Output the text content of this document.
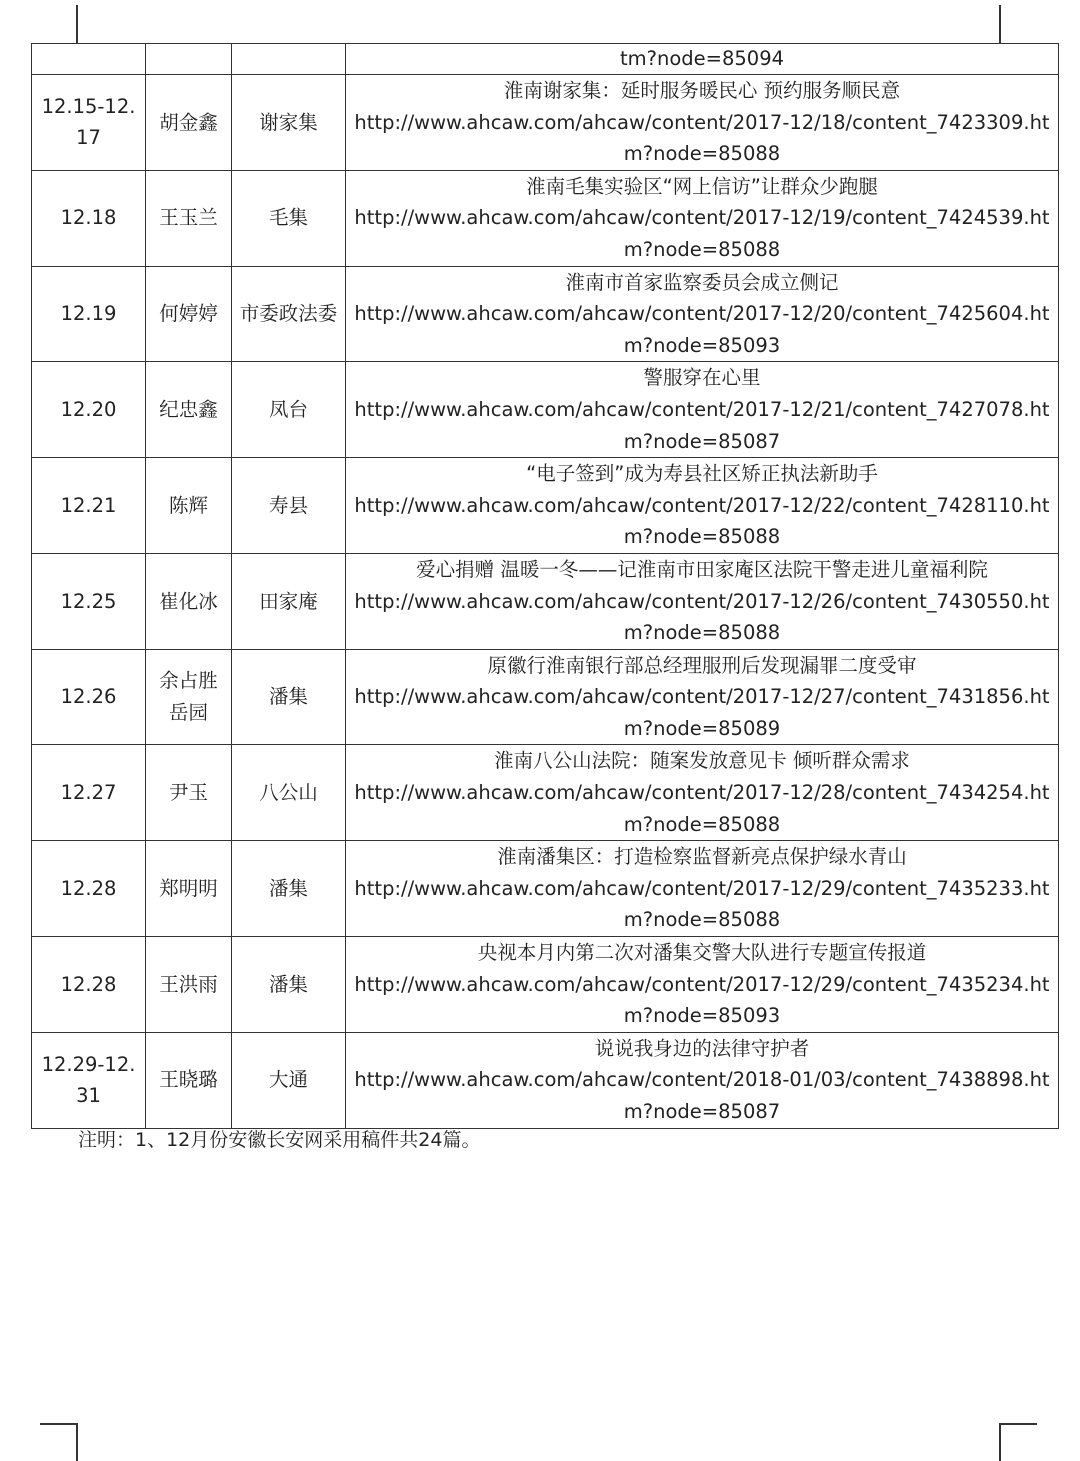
			tm?node=85094
12.15-12.17	胡金鑫	谢家集	淮南谢家集：延时服务暖民心 预约服务顺民意
http://www.ahcaw.com/ahcaw/content/2017-12/18/content_7423309.htm?node=85088

12.18	王玉兰	毛集	淮南毛集实验区“网上信访”让群众少跑腿
http://www.ahcaw.com/ahcaw/content/2017-12/19/content_7424539.htm?node=85088

12.19	何婷婷	市委政法委	淮南市首家监察委员会成立侧记
http://www.ahcaw.com/ahcaw/content/2017-12/20/content_7425604.htm?node=85093

12.20	纪忠鑫	凤台	警服穿在心里
http://www.ahcaw.com/ahcaw/content/2017-12/21/content_7427078.htm?node=85087

12.21	陈辉	寿县	“电子签到”成为寿县社区矫正执法新助手
http://www.ahcaw.com/ahcaw/content/2017-12/22/content_7428110.htm?node=85088

12.25	崔化冰	田家庵	爱心捐赠 温暖一冬——记淮南市田家庵区法院干警走进儿童福利院
http://www.ahcaw.com/ahcaw/content/2017-12/26/content_7430550.htm?node=85088

12.26	余占胜岳园	潘集	原徽行淮南银行部总经理服刑后发现漏罪二度受审
http://www.ahcaw.com/ahcaw/content/2017-12/27/content_7431856.htm?node=85089

12.27	尹玉	八公山	淮南八公山法院：随案发放意见卡 倾听群众需求
http://www.ahcaw.com/ahcaw/content/2017-12/28/content_7434254.htm?node=85088

12.28	郑明明	潘集	淮南潘集区：打造检察监督新亮点保护绿水青山
http://www.ahcaw.com/ahcaw/content/2017-12/29/content_7435233.htm?node=85088

12.28	王洪雨	潘集	央视本月内第二次对潘集交警大队进行专题宣传报道
http://www.ahcaw.com/ahcaw/content/2017-12/29/content_7435234.htm?node=85093

12.29-12.31	王晓璐	大通	说说我身边的法律守护者
http://www.ahcaw.com/ahcaw/content/2018-01/03/content_7438898.htm?node=85087
注明：1、12月份安徽长安网采用稿件共24篇。
